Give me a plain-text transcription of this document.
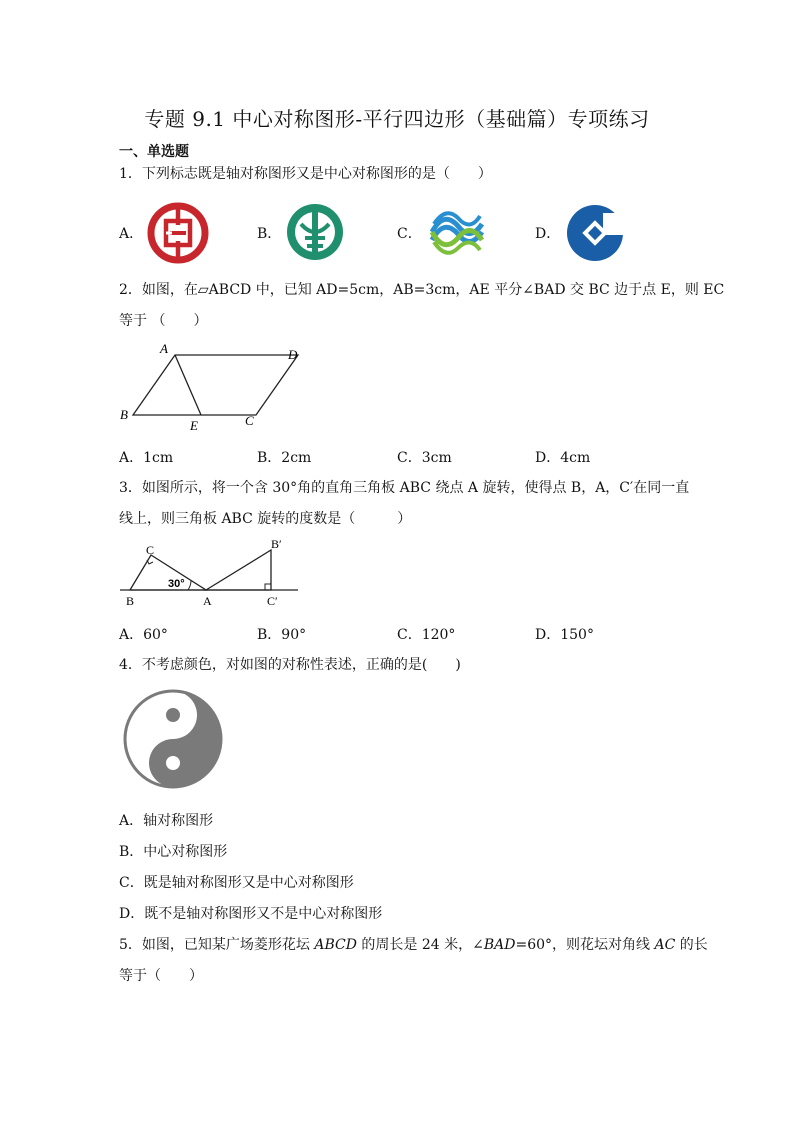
专题 9.1 中心对称图形-平行四边形（基础篇）专项练习
一、单选题
1．下列标志既是轴对称图形又是中心对称图形的是（　　）
A．	B．	C．	D．
2．如图，在▱ABCD 中，已知 AD=5cm，AB=3cm，AE 平分∠BAD 交 BC 边于点 E，则 EC
等于 （　　）
A	D
B
E	C
A．1cm	B．2cm	C．3cm	D．4cm
3．如图所示，将一个含 30°角的直角三角板 ABC 绕点 A 旋转，使得点 B，A，C′在同一直
线上，则三角板 ABC 旋转的度数是（　　　）
C
B	A
B′
C′
30°
A．60°	B．90°	C．120°	D．150°
4．不考虑颜色，对如图的对称性表述，正确的是(　　)
A．轴对称图形
B．中心对称图形
C．既是轴对称图形又是中心对称图形
D．既不是轴对称图形又不是中心对称图形
5．如图，已知某广场菱形花坛 ABCD 的周长是 24 米，∠BAD=60°，则花坛对角线 AC 的长
等于（　　）
